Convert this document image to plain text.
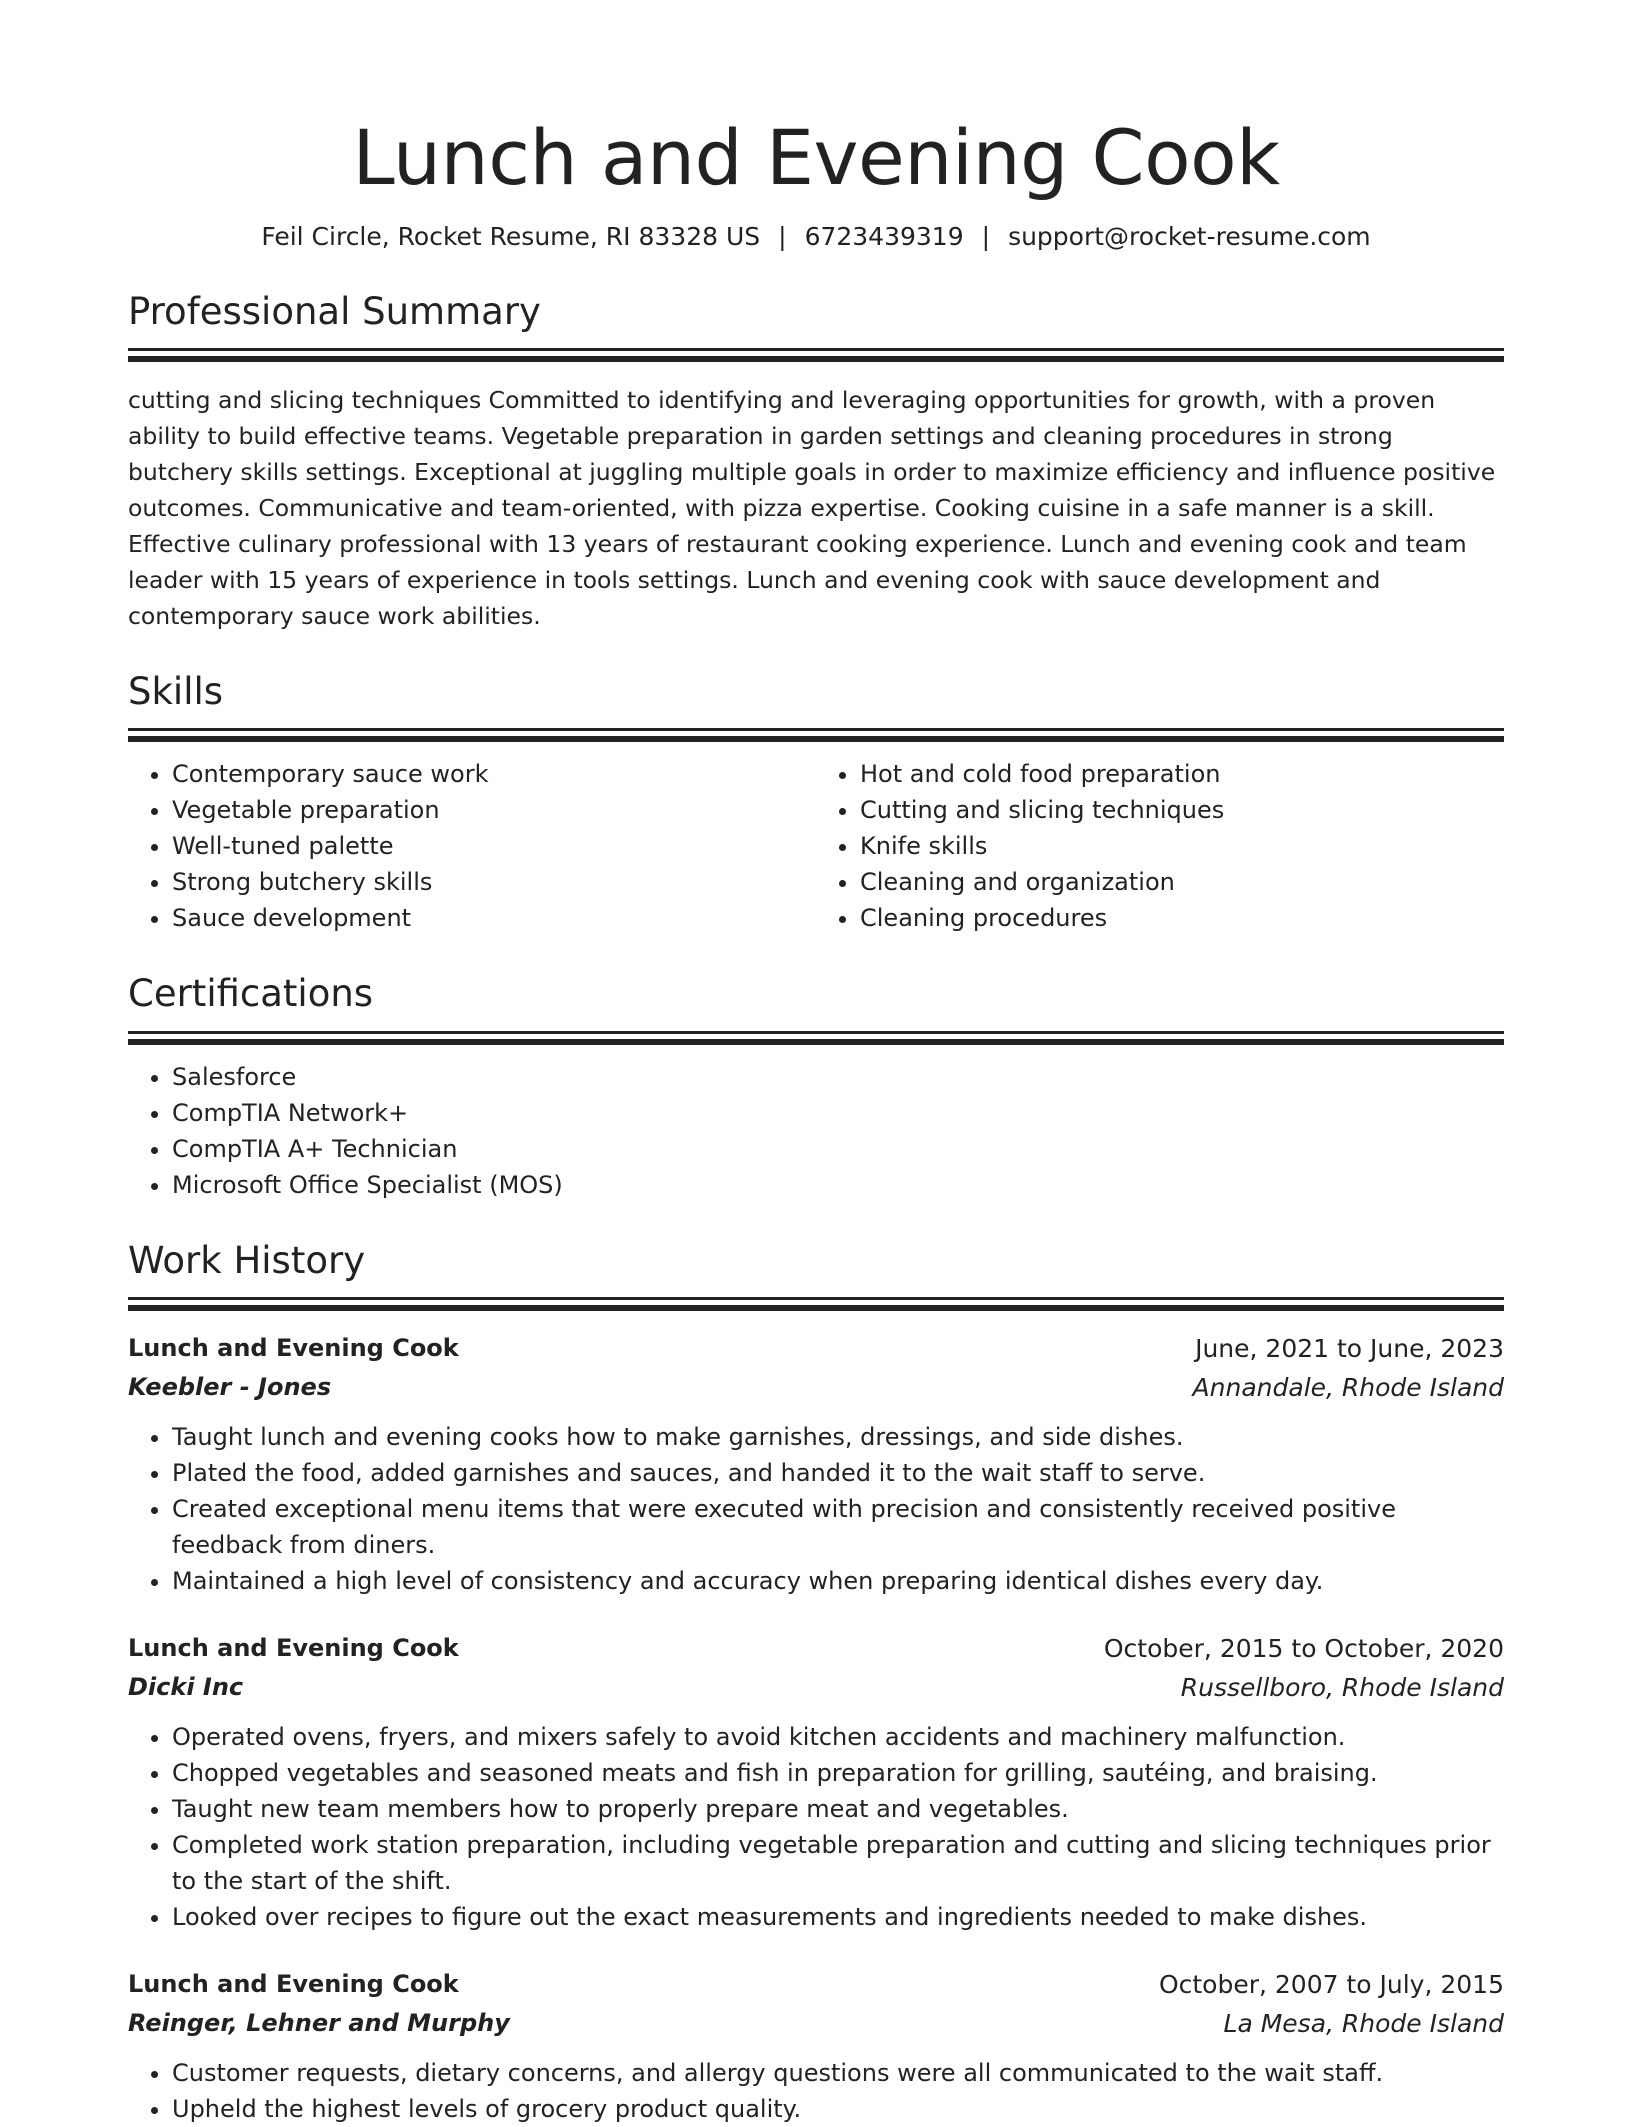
Lunch and Evening Cook
Feil Circle, Rocket Resume, RI 83328 US | 6723439319 | support@rocket-resume.com
Professional Summary

cutting and slicing techniques Committed to identifying and leveraging opportunities for growth, with a proven ability to build effective teams. Vegetable preparation in garden settings and cleaning procedures in strong butchery skills settings. Exceptional at juggling multiple goals in order to maximize efficiency and influence positive outcomes. Communicative and team-oriented, with pizza expertise. Cooking cuisine in a safe manner is a skill. Effective culinary professional with 13 years of restaurant cooking experience. Lunch and evening cook and team leader with 15 years of experience in tools settings. Lunch and evening cook with sauce development and contemporary sauce work abilities.

Skills
• Contemporary sauce work
• Vegetable preparation
• Well-tuned palette
• Strong butchery skills
• Sauce development
• Hot and cold food preparation
• Cutting and slicing techniques
• Knife skills
• Cleaning and organization
• Cleaning procedures
Certifications
• Salesforce
• CompTIA Network+
• CompTIA A+ Technician
• Microsoft Office Specialist (MOS)
Work History
Lunch and Evening Cook	June, 2021 to June, 2023
Keebler - Jones	Annandale, Rhode Island
• Taught lunch and evening cooks how to make garnishes, dressings, and side dishes.
• Plated the food, added garnishes and sauces, and handed it to the wait staff to serve.
• Created exceptional menu items that were executed with precision and consistently received positive feedback from diners.
• Maintained a high level of consistency and accuracy when preparing identical dishes every day.
Lunch and Evening Cook	October, 2015 to October, 2020
Dicki Inc	Russellboro, Rhode Island
• Operated ovens, fryers, and mixers safely to avoid kitchen accidents and machinery malfunction.
• Chopped vegetables and seasoned meats and fish in preparation for grilling, sautéing, and braising.
• Taught new team members how to properly prepare meat and vegetables.
• Completed work station preparation, including vegetable preparation and cutting and slicing techniques prior to the start of the shift.
• Looked over recipes to figure out the exact measurements and ingredients needed to make dishes.
Lunch and Evening Cook	October, 2007 to July, 2015
Reinger, Lehner and Murphy	La Mesa, Rhode Island
• Customer requests, dietary concerns, and allergy questions were all communicated to the wait staff.
• Upheld the highest levels of grocery product quality.
